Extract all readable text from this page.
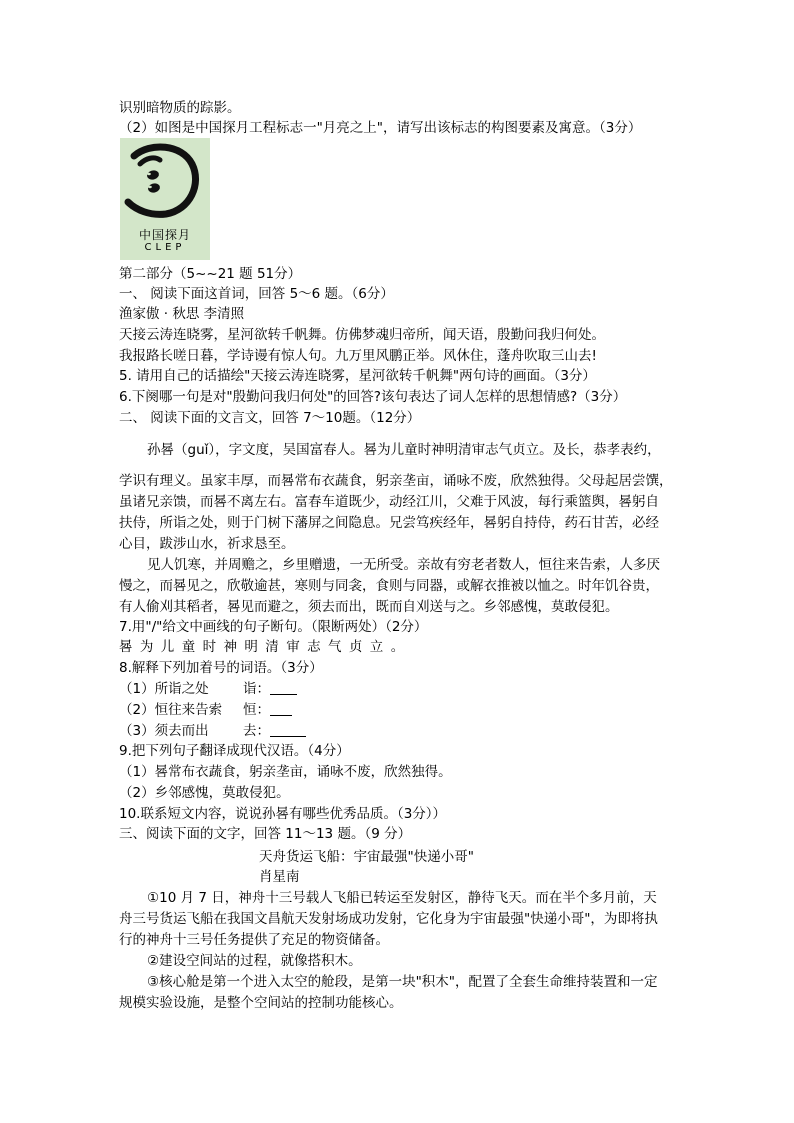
识别暗物质的踪影。
（2）如图是中国探月工程标志一"月亮之上"，请写出该标志的构图要素及寓意。（3分）
中国探月
CLEP
第二部分（5~~21 题 51分）
一、 阅读下面这首词，回答 5～6 题。（6分）
渔家傲 · 秋思 李清照
天接云涛连晓雾，星河欲转千帆舞。仿佛梦魂归帝所，闻天语，殷勤问我归何处。
我报路长嗟日暮，学诗谩有惊人句。九万里风鹏正举。风休住，蓬舟吹取三山去!
5. 请用自己的话描绘"天接云涛连晓雾，星河欲转千帆舞"两句诗的画面。（3分）
6.下阕哪一句是对"殷勤问我归何处"的回答?该句表达了词人怎样的思想情感?（3分）
二、 阅读下面的文言文，回答 7～10题。（12分）
孙晷（guǐ），字文度，吴国富春人。晷为儿童时神明清审志气贞立。及长，恭孝表约，
学识有理义。虽家丰厚，而晷常布衣蔬食，躬亲垄亩，诵咏不废，欣然独得。父母起居尝馔，
虽诸兄亲馈，而晷不离左右。富春车道既少，动经江川，父难于风波，每行乘篮舆，晷躬自
扶侍，所诣之处，则于门树下藩屏之间隐息。兄尝笃疾经年，晷躬自持侍，药石甘苦，必经
心目，跋涉山水，祈求恳至。
见人饥寒，并周赡之，乡里赠遗，一无所受。亲故有穷老者数人，恒往来告索，人多厌
慢之，而晷见之，欣敬逾甚，寒则与同衾，食则与同器，或解衣推被以恤之。时年饥谷贵，
有人偷刈其稻者，晷见而避之，须去而出，既而自刈送与之。乡邻感愧，莫敢侵犯。
7.用"/"给文中画线的句子断句。（限断两处）（2分）
晷为儿童时神明清审志气贞立。
8.解释下列加着号的词语。（3分）
（1）所诣之处	诣：
（2）恒往来告索 恒：
（3）须去而出	去：
9.把下列句子翻译成现代汉语。（4分）
（1）晷常布衣蔬食，躬亲垄亩，诵咏不废，欣然独得。
（2）乡邻感愧，莫敢侵犯。
10.联系短文内容，说说孙晷有哪些优秀品质。（3分））
三、阅读下面的文字，回答 11～13 题。（9 分）
天舟货运飞船：宇宙最强"快递小哥"
肖星南
①10 月 7 日，神舟十三号载人飞船已转运至发射区，静待飞天。而在半个多月前，天
舟三号货运飞船在我国文昌航天发射场成功发射，它化身为宇宙最强"快递小哥"，为即将执
行的神舟十三号任务提供了充足的物资储备。
②建设空间站的过程，就像搭积木。
③核心舱是第一个进入太空的舱段，是第一块"积木"，配置了全套生命维持装置和一定
规模实验设施，是整个空间站的控制功能核心。
